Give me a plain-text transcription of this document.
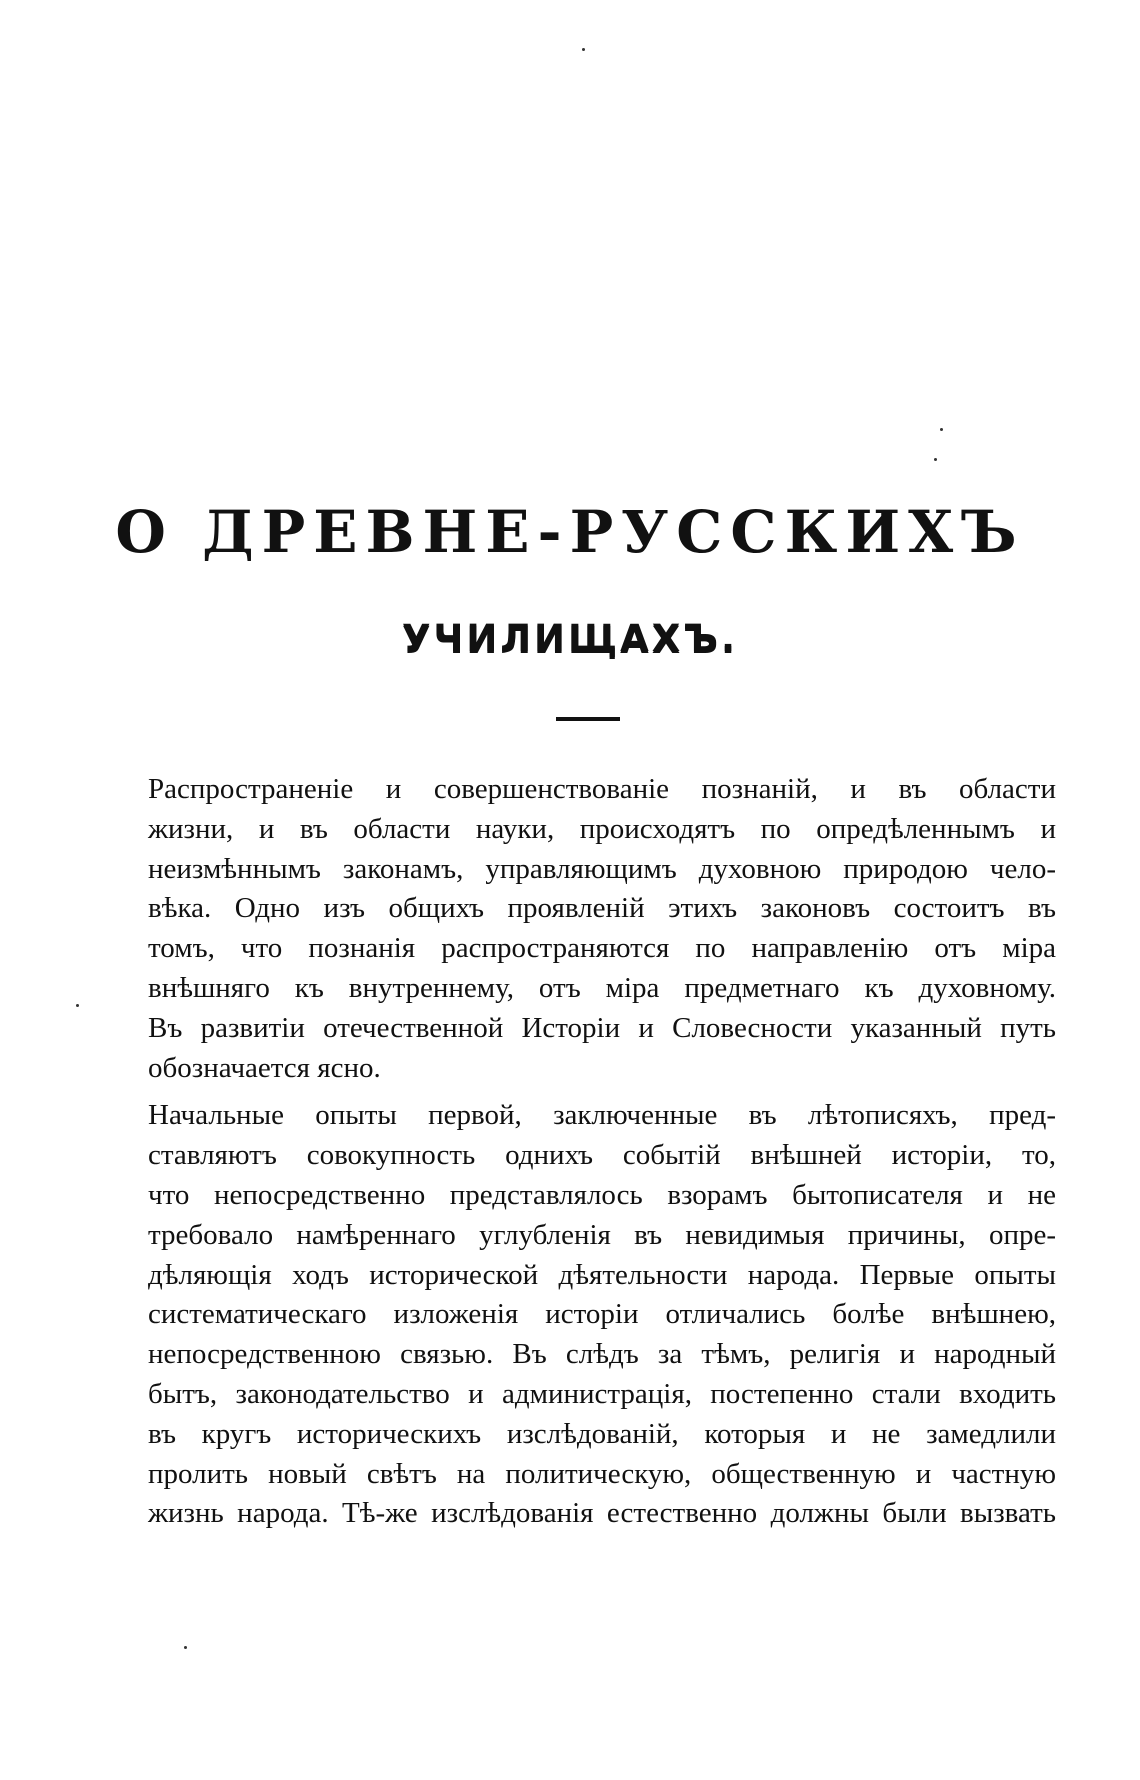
О ДРЕВНЕ-РУССКИХЪ
УЧИЛИЩАХЪ.

Распространеніе и совершенствованіе познаній, и въ области
жизни, и въ области науки, происходятъ по опредѣленнымъ и
неизмѣннымъ законамъ, управляющимъ духовною природою чело-
вѣка. Одно изъ общихъ проявленій этихъ законовъ состоитъ въ
томъ, что познанія распространяются по направленію отъ міра
внѣшняго къ внутреннему, отъ міра предметнаго къ духовному.
Въ развитіи отечественной Исторіи и Словесности указанный путь
обозначается ясно.

Начальные опыты первой, заключенные въ лѣтописяхъ, пред-
ставляютъ совокупность однихъ событій внѣшней исторіи, то,
что непосредственно представлялось взорамъ бытописателя и не
требовало намѣреннаго углубленія въ невидимыя причины, опре-
дѣляющія ходъ исторической дѣятельности народа. Первые опыты
систематическаго изложенія исторіи отличались болѣе внѣшнею,
непосредственною связью. Въ слѣдъ за тѣмъ, религія и народный
бытъ, законодательство и администрація, постепенно стали входить
въ кругъ историческихъ изслѣдованій, которыя и не замедлили
пролить новый свѣтъ на политическую, общественную и частную
жизнь народа. Тѣ-же изслѣдованія естественно должны были вызвать
